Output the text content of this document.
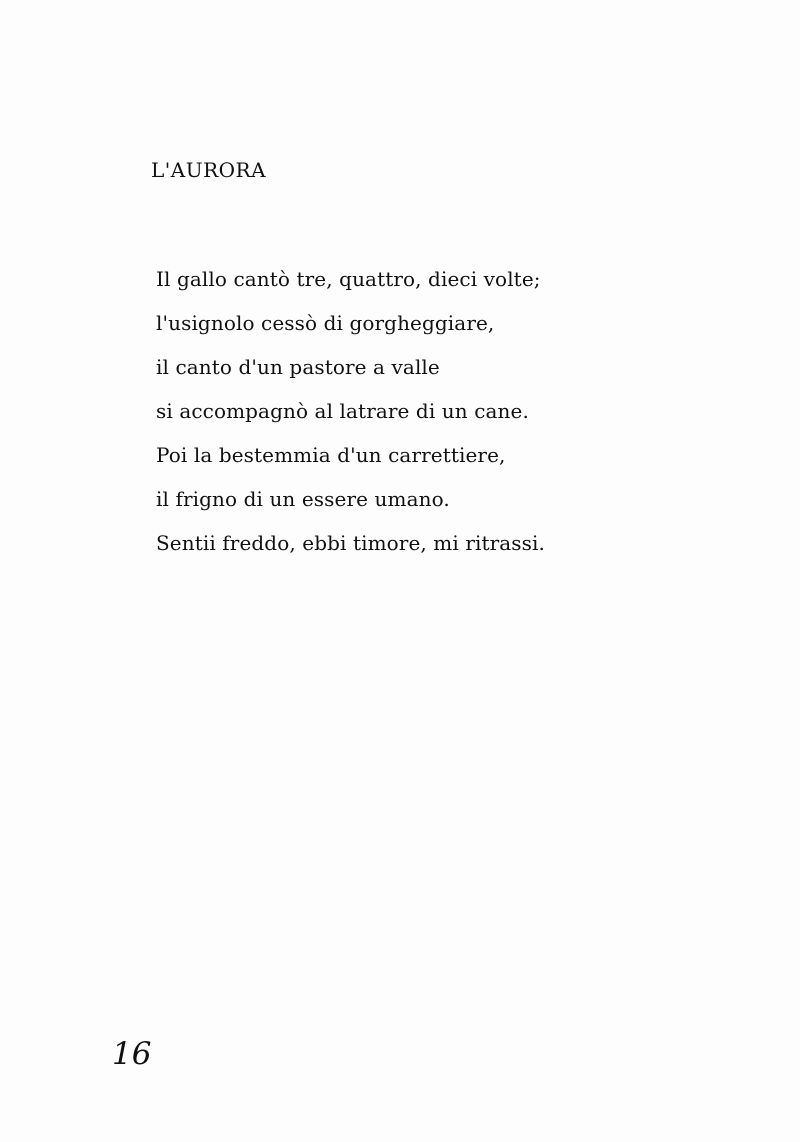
L'AURORA
Il gallo cantò tre, quattro, dieci volte;
l'usignolo cessò di gorgheggiare,
il canto d'un pastore a valle
si accompagnò al latrare di un cane.
Poi la bestemmia d'un carrettiere,
il frigno di un essere umano.
Sentii freddo, ebbi timore, mi ritrassi.

16
